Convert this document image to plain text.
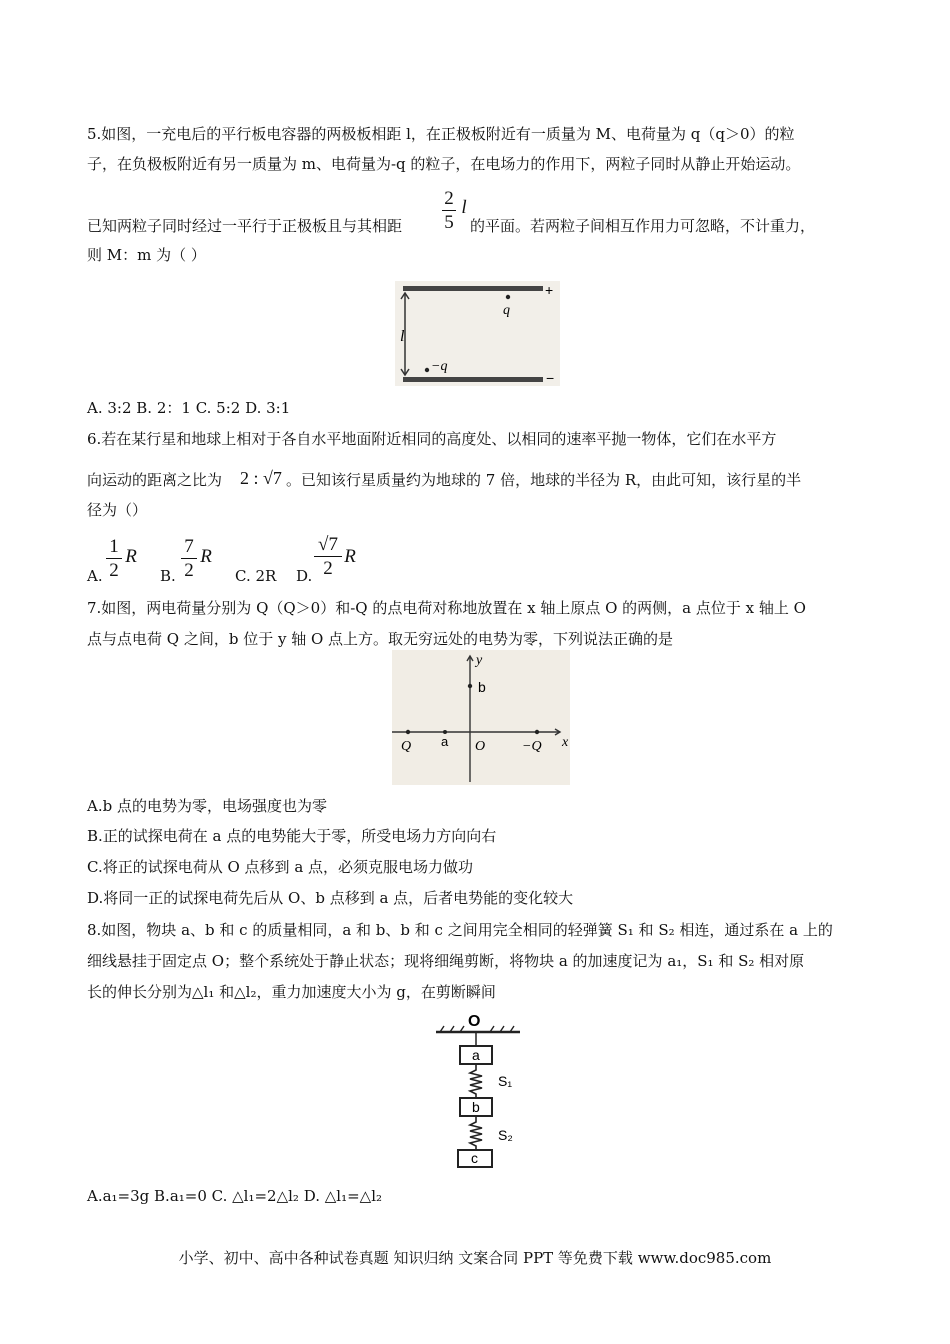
5.如图，一充电后的平行板电容器的两极板相距 l，在正极板附近有一质量为 M、电荷量为 q（q＞0）的粒
子，在负极板附近有另一质量为 m、电荷量为-q 的粒子，在电场力的作用下，两粒子同时从静止开始运动。
已知两粒子同时经过一平行于正极板且与其相距
2
5
l
的平面。若两粒子间相互作用力可忽略，不计重力，
则 M：m 为（ ）
l
+
−
q
−q
A. 3:2 B. 2：1 C. 5:2 D. 3:1
6.若在某行星和地球上相对于各自水平地面附近相同的高度处、以相同的速率平抛一物体，它们在水平方
向运动的距离之比为 2 : √7 。已知该行星质量约为地球的 7 倍，地球的半径为 R，由此可知，该行星的半
径为（）
A.
1
2
R
B.
7
2
R
C. 2R D.
√7
2
R
7.如图，两电荷量分别为 Q（Q＞0）和-Q 的点电荷对称地放置在 x 轴上原点 O 的两侧，a 点位于 x 轴上 O
点与点电荷 Q 之间，b 位于 y 轴 O 点上方。取无穷远处的电势为零，下列说法正确的是
y
x
b
Q a O	−Q
A.b 点的电势为零，电场强度也为零
B.正的试探电荷在 a 点的电势能大于零，所受电场力方向向右
C.将正的试探电荷从 O 点移到 a 点，必须克服电场力做功
D.将同一正的试探电荷先后从 O、b 点移到 a 点，后者电势能的变化较大
8.如图，物块 a、b 和 c 的质量相同，a 和 b、b 和 c 之间用完全相同的轻弹簧 S₁ 和 S₂ 相连，通过系在 a 上的
细线悬挂于固定点 O；整个系统处于静止状态；现将细绳剪断，将物块 a 的加速度记为 a₁，S₁ 和 S₂ 相对原
长的伸长分别为△l₁ 和△l₂，重力加速度大小为 g，在剪断瞬间
O
a
S₁
b
S₂
c
A.a₁=3g B.a₁=0 C. △l₁=2△l₂ D. △l₁=△l₂
小学、初中、高中各种试卷真题 知识归纳 文案合同 PPT 等免费下载 www.doc985.com
